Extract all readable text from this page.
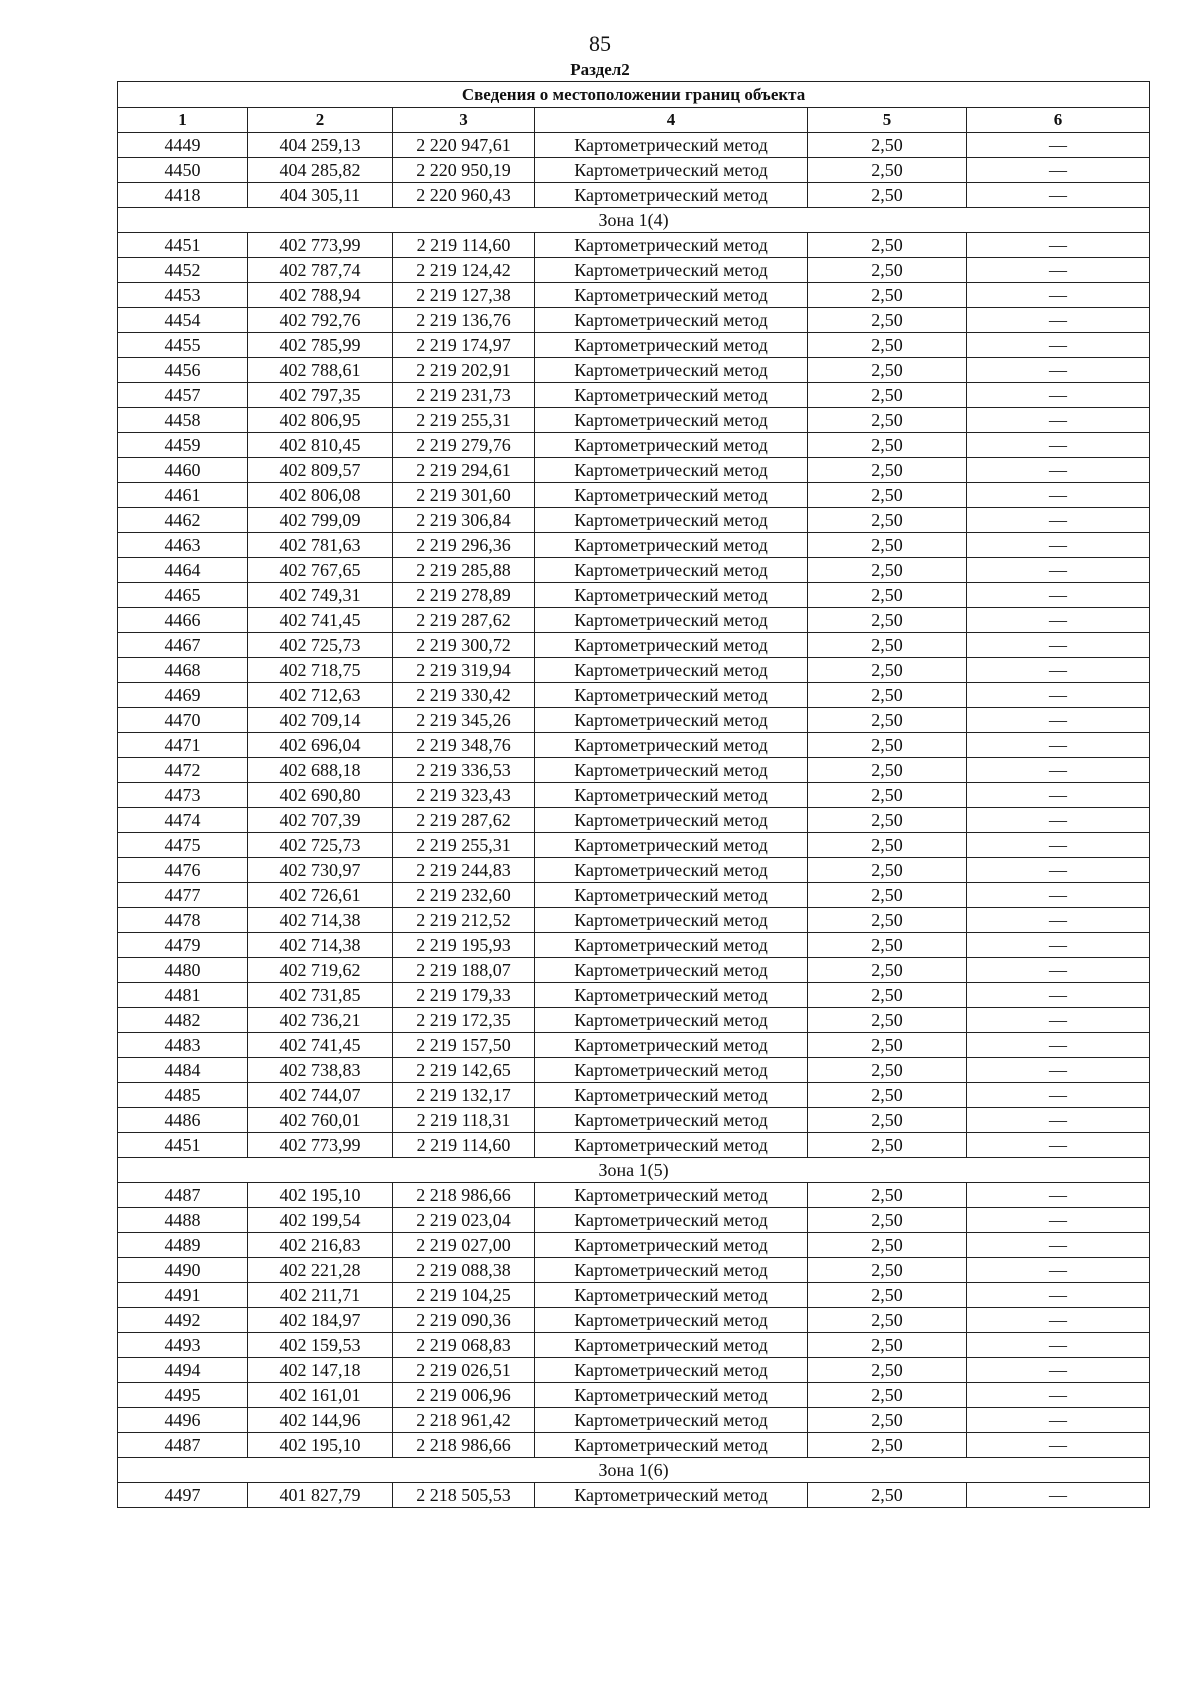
85
Раздел2
Сведения о местоположении границ объекта					
1	2	3	4	5	6
4449	404 259,13	2 220 947,61	Картометрический метод	2,50	—
4450	404 285,82	2 220 950,19	Картометрический метод	2,50	—
4418	404 305,11	2 220 960,43	Картометрический метод	2,50	—
Зона 1(4)					
4451	402 773,99	2 219 114,60	Картометрический метод	2,50	—
4452	402 787,74	2 219 124,42	Картометрический метод	2,50	—
4453	402 788,94	2 219 127,38	Картометрический метод	2,50	—
4454	402 792,76	2 219 136,76	Картометрический метод	2,50	—
4455	402 785,99	2 219 174,97	Картометрический метод	2,50	—
4456	402 788,61	2 219 202,91	Картометрический метод	2,50	—
4457	402 797,35	2 219 231,73	Картометрический метод	2,50	—
4458	402 806,95	2 219 255,31	Картометрический метод	2,50	—
4459	402 810,45	2 219 279,76	Картометрический метод	2,50	—
4460	402 809,57	2 219 294,61	Картометрический метод	2,50	—
4461	402 806,08	2 219 301,60	Картометрический метод	2,50	—
4462	402 799,09	2 219 306,84	Картометрический метод	2,50	—
4463	402 781,63	2 219 296,36	Картометрический метод	2,50	—
4464	402 767,65	2 219 285,88	Картометрический метод	2,50	—
4465	402 749,31	2 219 278,89	Картометрический метод	2,50	—
4466	402 741,45	2 219 287,62	Картометрический метод	2,50	—
4467	402 725,73	2 219 300,72	Картометрический метод	2,50	—
4468	402 718,75	2 219 319,94	Картометрический метод	2,50	—
4469	402 712,63	2 219 330,42	Картометрический метод	2,50	—
4470	402 709,14	2 219 345,26	Картометрический метод	2,50	—
4471	402 696,04	2 219 348,76	Картометрический метод	2,50	—
4472	402 688,18	2 219 336,53	Картометрический метод	2,50	—
4473	402 690,80	2 219 323,43	Картометрический метод	2,50	—
4474	402 707,39	2 219 287,62	Картометрический метод	2,50	—
4475	402 725,73	2 219 255,31	Картометрический метод	2,50	—
4476	402 730,97	2 219 244,83	Картометрический метод	2,50	—
4477	402 726,61	2 219 232,60	Картометрический метод	2,50	—
4478	402 714,38	2 219 212,52	Картометрический метод	2,50	—
4479	402 714,38	2 219 195,93	Картометрический метод	2,50	—
4480	402 719,62	2 219 188,07	Картометрический метод	2,50	—
4481	402 731,85	2 219 179,33	Картометрический метод	2,50	—
4482	402 736,21	2 219 172,35	Картометрический метод	2,50	—
4483	402 741,45	2 219 157,50	Картометрический метод	2,50	—
4484	402 738,83	2 219 142,65	Картометрический метод	2,50	—
4485	402 744,07	2 219 132,17	Картометрический метод	2,50	—
4486	402 760,01	2 219 118,31	Картометрический метод	2,50	—
4451	402 773,99	2 219 114,60	Картометрический метод	2,50	—
Зона 1(5)					
4487	402 195,10	2 218 986,66	Картометрический метод	2,50	—
4488	402 199,54	2 219 023,04	Картометрический метод	2,50	—
4489	402 216,83	2 219 027,00	Картометрический метод	2,50	—
4490	402 221,28	2 219 088,38	Картометрический метод	2,50	—
4491	402 211,71	2 219 104,25	Картометрический метод	2,50	—
4492	402 184,97	2 219 090,36	Картометрический метод	2,50	—
4493	402 159,53	2 219 068,83	Картометрический метод	2,50	—
4494	402 147,18	2 219 026,51	Картометрический метод	2,50	—
4495	402 161,01	2 219 006,96	Картометрический метод	2,50	—
4496	402 144,96	2 218 961,42	Картометрический метод	2,50	—
4487	402 195,10	2 218 986,66	Картометрический метод	2,50	—
Зона 1(6)					
4497	401 827,79	2 218 505,53	Картометрический метод	2,50	—
